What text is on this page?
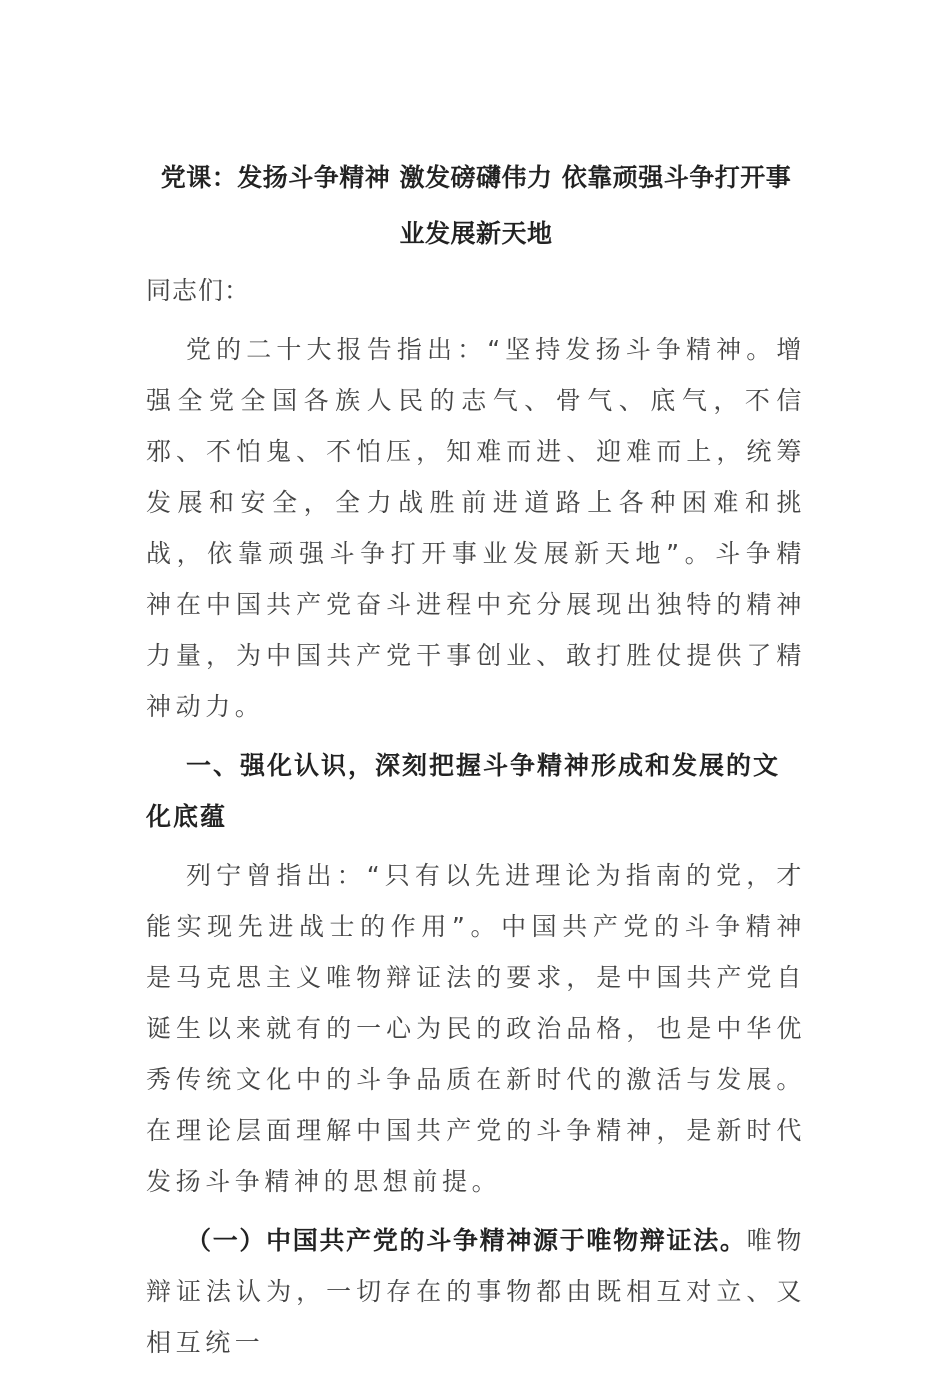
党课：发扬斗争精神 激发磅礴伟力 依靠顽强斗争打开事
业发展新天地

同志们：

党的二十大报告指出：“坚持发扬斗争精神。增强全党全国各族人民的志气、骨气、底气，不信邪、不怕鬼、不怕压，知难而进、迎难而上，统筹发展和安全，全力战胜前进道路上各种困难和挑战，依靠顽强斗争打开事业发展新天地”。斗争精神在中国共产党奋斗进程中充分展现出独特的精神力量，为中国共产党干事创业、敢打胜仗提供了精神动力。

一、强化认识，深刻把握斗争精神形成和发展的文化底蕴

列宁曾指出：“只有以先进理论为指南的党，才能实现先进战士的作用”。中国共产党的斗争精神是马克思主义唯物辩证法的要求，是中国共产党自诞生以来就有的一心为民的政治品格，也是中华优秀传统文化中的斗争品质在新时代的激活与发展。在理论层面理解中国共产党的斗争精神，是新时代发扬斗争精神的思想前提。

（一）中国共产党的斗争精神源于唯物辩证法。唯物辩证法认为，一切存在的事物都由既相互对立、又相互统一
